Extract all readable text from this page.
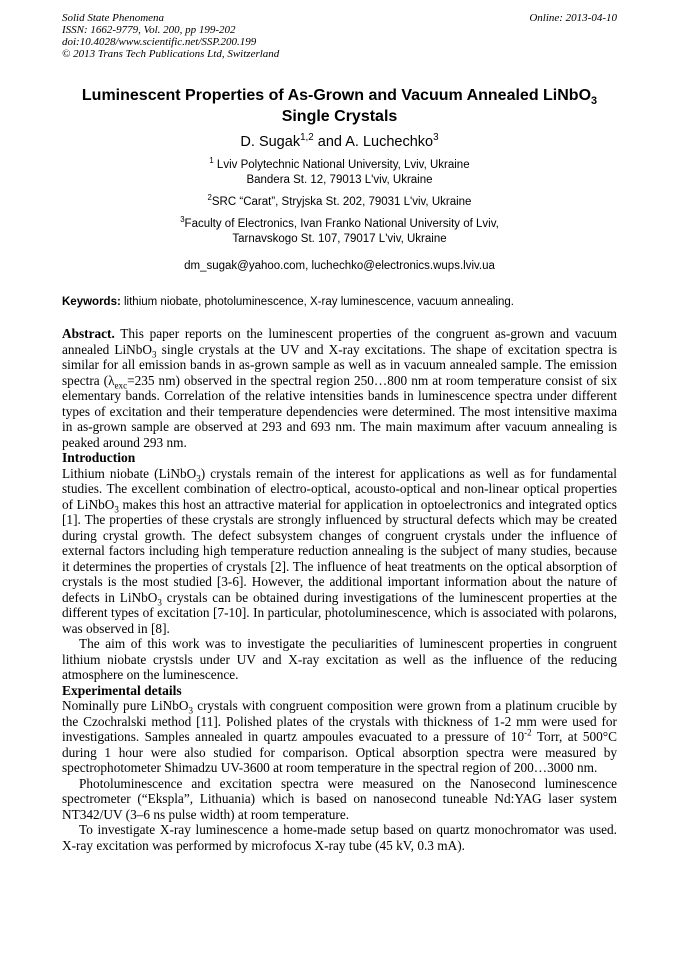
Solid State Phenomena
ISSN: 1662-9779, Vol. 200, pp 199-202
doi:10.4028/www.scientific.net/SSP.200.199
© 2013 Trans Tech Publications Ltd, Switzerland
Online: 2013-04-10
Luminescent Properties of As-Grown and Vacuum Annealed LiNbO$_3$
Single Crystals
D. Sugak$^{1,2}$ and A. Luchechko$^3$
$^1$ Lviv Polytechnic National University, Lviv, Ukraine
Bandera St. 12, 79013 L'viv, Ukraine
$^2$SRC “Carat”, Stryjska St. 202, 79031 L'viv, Ukraine
$^3$Faculty of Electronics, Ivan Franko National University of Lviv,
Tarnavskogo St. 107, 79017 L'viv, Ukraine
dm_sugak@yahoo.com, luchechko@electronics.wups.lviv.ua

Keywords: lithium niobate, photoluminescence, X-ray luminescence, vacuum annealing.

Abstract. This paper reports on the luminescent properties of the congruent as-grown and vacuum annealed LiNbO$_3$ single crystals at the UV and X-ray excitations. The shape of excitation spectra is similar for all emission bands in as-grown sample as well as in vacuum annealed sample. The emission spectra ($\lambda_{exc}=235$ nm) observed in the spectral region 250…800 nm at room temperature consist of six elementary bands. Correlation of the relative intensities bands in luminescence spectra under different types of excitation and their temperature dependencies were determined. The most intensitive maxima in as-grown sample are observed at 293 and 693 nm. The main maximum after vacuum annealing is peaked around 293 nm.

Introduction

Lithium niobate (LiNbO$_3$) crystals remain of the interest for applications as well as for fundamental studies. The excellent combination of electro-optical, acousto-optical and non-linear optical properties of LiNbO$_3$ makes this host an attractive material for application in optoelectronics and integrated optics [1]. The properties of these crystals are strongly influenced by structural defects which may be created during crystal growth. The defect subsystem changes of congruent crystals under the influence of external factors including high temperature reduction annealing is the subject of many studies, because it determines the properties of crystals [2]. The influence of heat treatments on the optical absorption of crystals is the most studied [3-6]. However, the additional important information about the nature of defects in LiNbO$_3$ crystals can be obtained during investigations of the luminescent properties at the different types of excitation [7-10]. In particular, photoluminescence, which is associated with polarons, was observed in [8].

The aim of this work was to investigate the peculiarities of luminescent properties in congruent lithium niobate crystsls under UV and X-ray excitation as well as the influence of the reducing atmosphere on the luminescence.

Experimental details

Nominally pure LiNbO$_3$ crystals with congruent composition were grown from a platinum crucible by the Czochralski method [11]. Polished plates of the crystals with thickness of 1-2 mm were used for investigations. Samples annealed in quartz ampoules evacuated to a pressure of $10^{-2}$ Torr, at 500°C during 1 hour were also studied for comparison. Optical absorption spectra were measured by spectrophotometer Shimadzu UV-3600 at room temperature in the spectral region of 200…3000 nm.

Photoluminescence and excitation spectra were measured on the Nanosecond luminescence spectrometer (“Ekspla”, Lithuania) which is based on nanosecond tuneable Nd:YAG laser system NT342/UV (3–6 ns pulse width) at room temperature.

To investigate X-ray luminescence a home-made setup based on quartz monochromator was used. X-ray excitation was performed by microfocus X-ray tube (45 kV, 0.3 mA).
